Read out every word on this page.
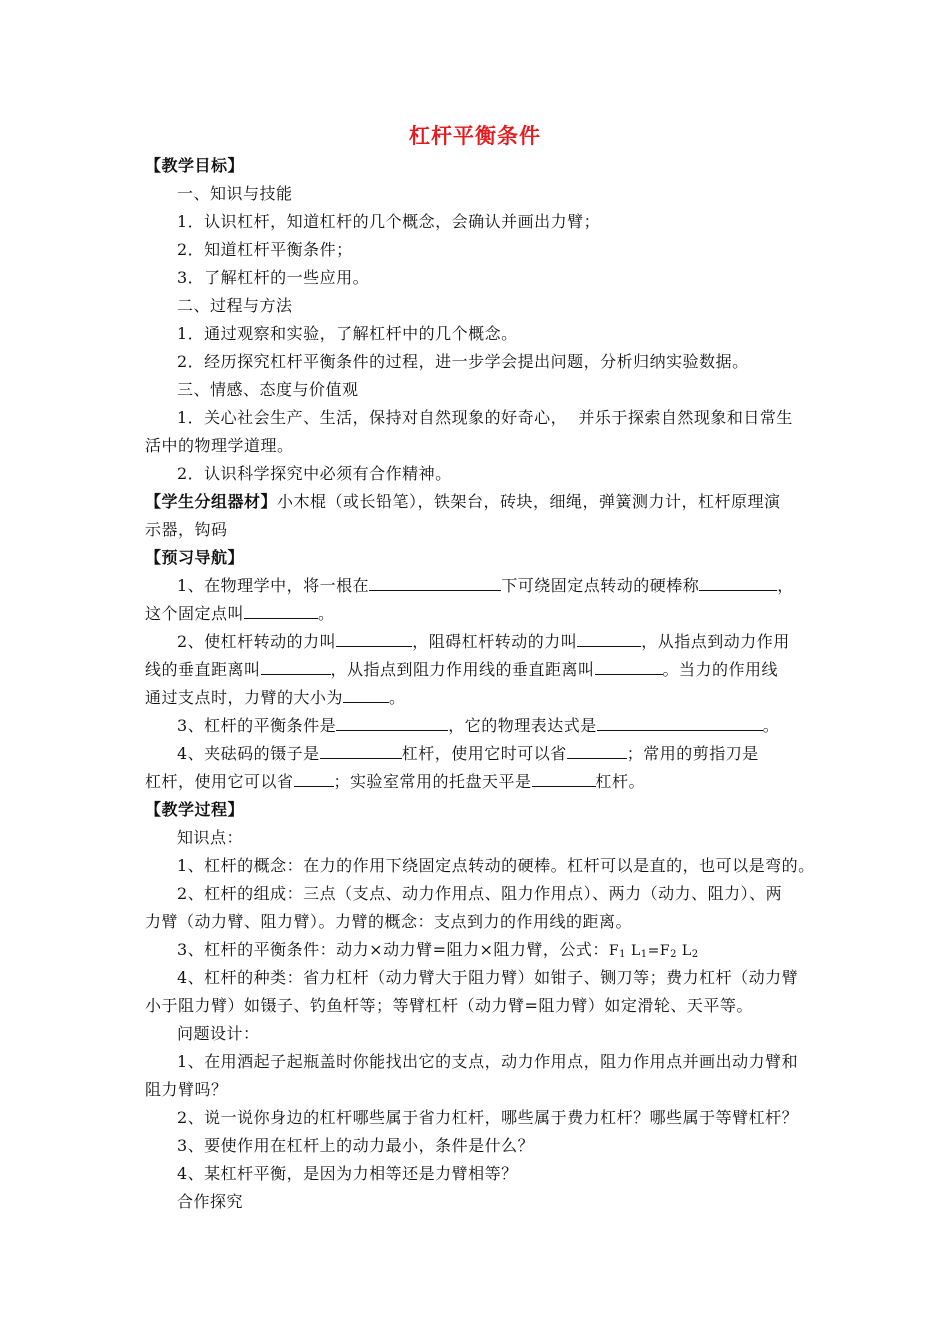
杠杆平衡条件
【教学目标】
一、知识与技能
1．认识杠杆，知道杠杆的几个概念，会确认并画出力臂；
2．知道杠杆平衡条件；
3．了解杠杆的一些应用。
二、过程与方法
1．通过观察和实验，了解杠杆中的几个概念。
2．经历探究杠杆平衡条件的过程，进一步学会提出问题，分析归纳实验数据。
三、情感、态度与价值观
1．关心社会生产、生活，保持对自然现象的好奇心，  并乐于探索自然现象和日常生
活中的物理学道理。
2．认识科学探究中必须有合作精神。
【学生分组器材】小木棍（或长铅笔），铁架台，砖块，细绳，弹簧测力计，杠杆原理演
示器，钩码
【预习导航】
1、在物理学中，将一根在	下可绕固定点转动的硬棒称	，
这个固定点叫	。
2、使杠杆转动的力叫	，阻碍杠杆转动的力叫	，从指点到动力作用
线的垂直距离叫	，从指点到阻力作用线的垂直距离叫	。当力的作用线
通过支点时，力臂的大小为	。
3、杠杆的平衡条件是	，它的物理表达式是	。
4、夹砝码的镊子是	杠杆，使用它时可以省	；常用的剪指刀是
杠杆，使用它可以省	；实验室常用的托盘天平是	杠杆。
【教学过程】
知识点：
1、杠杆的概念：在力的作用下绕固定点转动的硬棒。杠杆可以是直的，也可以是弯的。
2、杠杆的组成：三点（支点、动力作用点、阻力作用点）、两力（动力、阻力）、两
力臂（动力臂、阻力臂）。力臂的概念：支点到力的作用线的距离。
3、杠杆的平衡条件：动力×动力臂=阻力×阻力臂，公式：$F_1$ $L_1=F_2$ $L_2$
4、杠杆的种类：省力杠杆（动力臂大于阻力臂）如钳子、铡刀等；费力杠杆（动力臂
小于阻力臂）如镊子、钓鱼杆等；等臂杠杆（动力臂=阻力臂）如定滑轮、天平等。
问题设计：
1、在用酒起子起瓶盖时你能找出它的支点，动力作用点，阻力作用点并画出动力臂和
阻力臂吗？
2、说一说你身边的杠杆哪些属于省力杠杆，哪些属于费力杠杆？哪些属于等臂杠杆？
3、要使作用在杠杆上的动力最小，条件是什么？
4、某杠杆平衡，是因为力相等还是力臂相等？
合作探究
